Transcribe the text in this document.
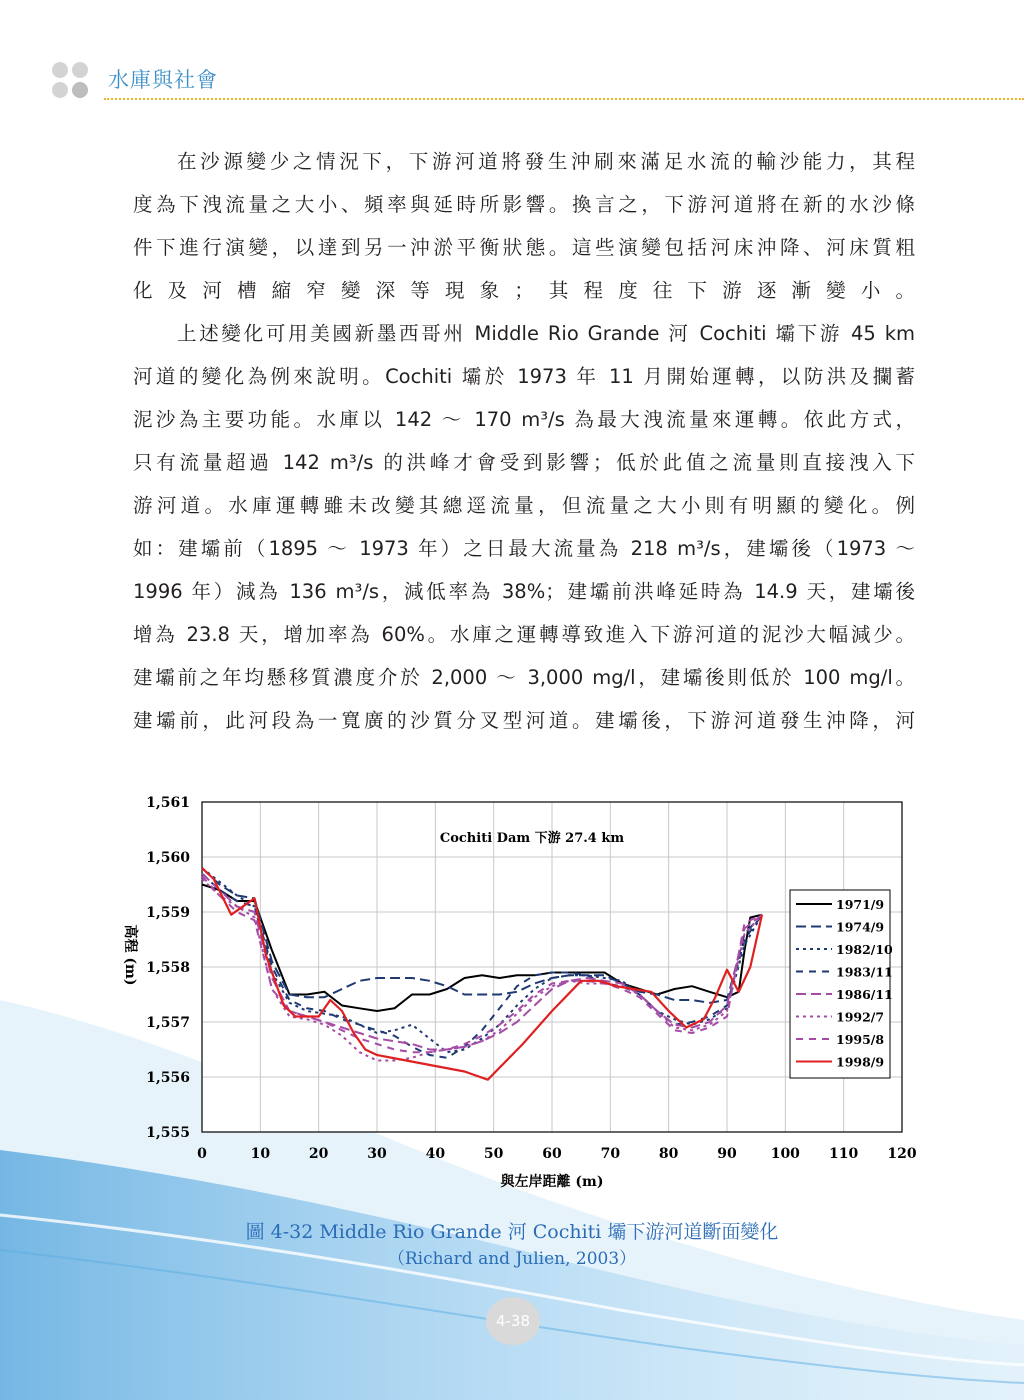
水庫與社會
在沙源變少之情況下，下游河道將發生沖刷來滿足水流的輸沙能力，其程
度為下洩流量之大小、頻率與延時所影響。換言之，下游河道將在新的水沙條
件下進行演變，以達到另一沖淤平衡狀態。這些演變包括河床沖降、河床質粗
化及河槽縮窄變深等現象；其程度往下游逐漸變小。
上述變化可用美國新墨西哥州 Middle Rio Grande 河 Cochiti 壩下游 45 km
河道的變化為例來說明。Cochiti 壩於 1973 年 11 月開始運轉，以防洪及攔蓄
泥沙為主要功能。水庫以 142 ～ 170 m³/s 為最大洩流量來運轉。依此方式，
只有流量超過 142 m³/s 的洪峰才會受到影響；低於此值之流量則直接洩入下
游河道。水庫運轉雖未改變其總逕流量，但流量之大小則有明顯的變化。例
如：建壩前（1895 ～ 1973 年）之日最大流量為 218 m³/s，建壩後（1973 ～
1996 年）減為 136 m³/s，減低率為 38%；建壩前洪峰延時為 14.9 天，建壩後
增為 23.8 天，增加率為 60%。水庫之運轉導致進入下游河道的泥沙大幅減少。
建壩前之年均懸移質濃度介於 2,000 ～ 3,000 mg/l，建壩後則低於 100 mg/l。
建壩前，此河段為一寬廣的沙質分叉型河道。建壩後，下游河道發生沖降，河
0	10	20	30	40	50	60	70	80	90 100 110 120
1,555
1,556
1,557
1,558
1,559
1,560
1,561
Cochiti Dam 下游 27.4 km
與左岸距離 (m)
高程 (m)
1971/9
1974/9
1982/10
1983/11
1986/11
1992/7
1995/8
1998/9
圖 4-32 Middle Rio Grande 河 Cochiti 壩下游河道斷面變化
（Richard and Julien, 2003）
4-38
